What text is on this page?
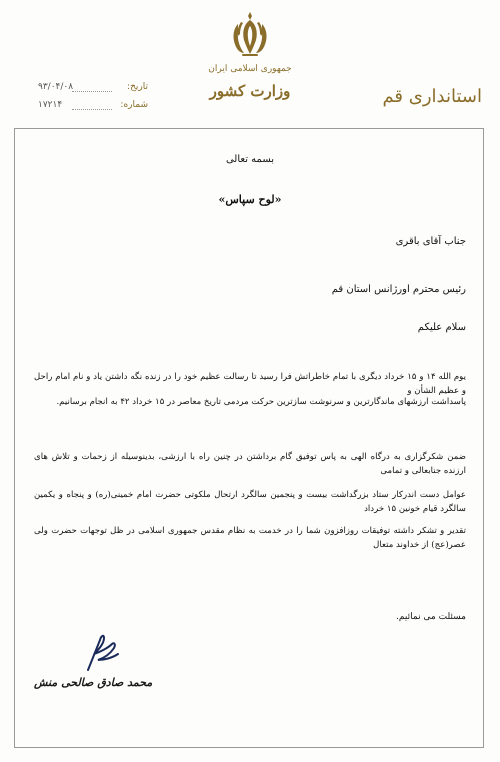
جمهوری اسلامی ایران
وزارت کشور	استانداری قم
تاریخ:
۹۳/۰۴/۰۸
شماره:
۱۷۲۱۴
بسمه تعالی
«لوح سپاس»
جناب آقای باقری
رئیس محترم اورژانس استان قم
سلام علیکم
یوم الله ۱۴ و ۱۵ خرداد دیگری با تمام خاطراتش فرا رسید تا رسالت عظیم خود را در زنده نگه داشتن یاد و نام امام راحل و عظیم الشأن و
پاسداشت ارزشهای ماندگارترین و سرنوشت سازترین حرکت مردمی تاریخ معاصر در ۱۵ خرداد ۴۲ به انجام برسانیم.
ضمن شکرگزاری به درگاه الهی به پاس توفیق گام برداشتن در چنین راه با ارزشی، بدینوسیله از زحمات و تلاش های ارزنده جنابعالی و تمامی
عوامل دست اندرکار ستاد بزرگداشت بیست و پنجمین سالگرد ارتحال ملکوتی حضرت امام خمینی(ره) و پنجاه و یکمین سالگرد قیام خونین ۱۵ خرداد
تقدیر و تشکر داشته توفیقات روزافزون شما را در خدمت به نظام مقدس جمهوری اسلامی در ظل توجهات حضرت ولی عصر(عج) از خداوند متعال
مسئلت می نمائیم.
محمد صادق صالحی منش
